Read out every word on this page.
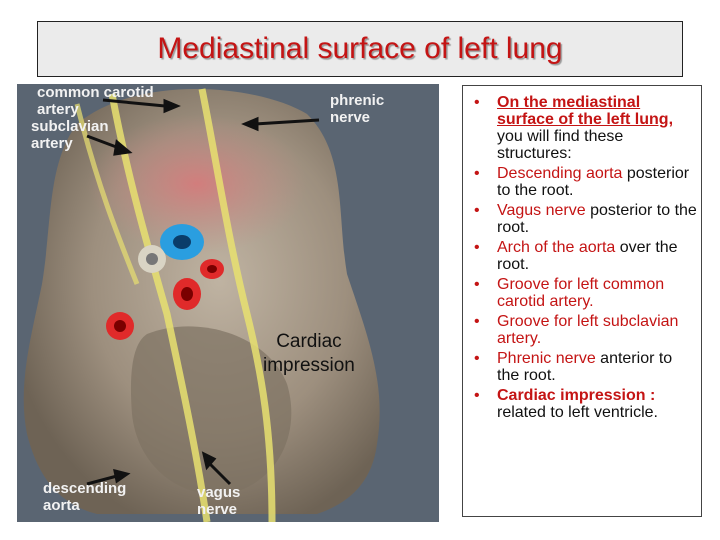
Mediastinal surface of left lung
common carotid
artery
subclavian
artery
phrenic
nerve
descending
aorta
vagus
nerve
Cardiac
impression
• On the mediastinal surface of the left lung, you will find these structures:
• Descending aorta posterior to the root.
• Vagus nerve posterior to the root.
• Arch of the aorta over the root.
• Groove for left common carotid artery.
• Groove for left subclavian artery.
• Phrenic nerve anterior to the root.
• Cardiac impression : related to left ventricle.
